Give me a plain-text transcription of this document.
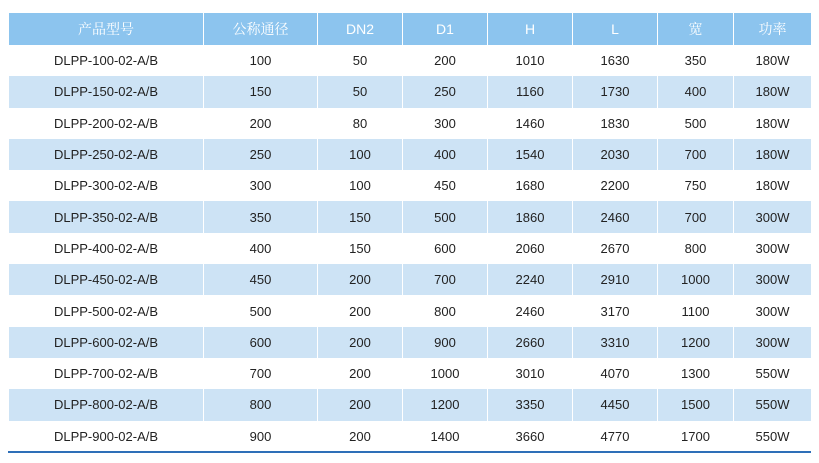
产品型号	公称通径	DN2	D1	H	L	宽	功率
DLPP-100-02-A/B	100	50	200	1010	1630	350	180W
DLPP-150-02-A/B	150	50	250	1160	1730	400	180W
DLPP-200-02-A/B	200	80	300	1460	1830	500	180W
DLPP-250-02-A/B	250	100	400	1540	2030	700	180W
DLPP-300-02-A/B	300	100	450	1680	2200	750	180W
DLPP-350-02-A/B	350	150	500	1860	2460	700	300W
DLPP-400-02-A/B	400	150	600	2060	2670	800	300W
DLPP-450-02-A/B	450	200	700	2240	2910	1000	300W
DLPP-500-02-A/B	500	200	800	2460	3170	1100	300W
DLPP-600-02-A/B	600	200	900	2660	3310	1200	300W
DLPP-700-02-A/B	700	200	1000	3010	4070	1300	550W
DLPP-800-02-A/B	800	200	1200	3350	4450	1500	550W
DLPP-900-02-A/B	900	200	1400	3660	4770	1700	550W
